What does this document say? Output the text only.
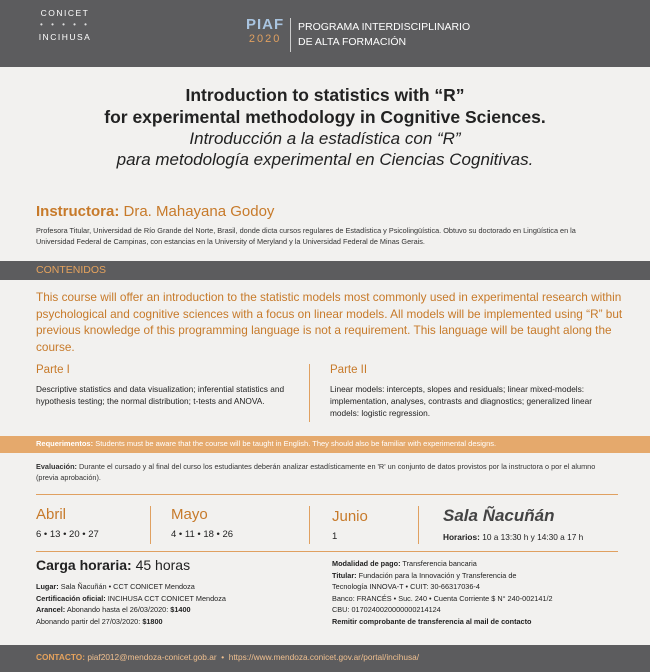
CONICET
• • • • •
INCIHUSA
PIAF
2020
PROGRAMA INTERDISCIPLINARIO
DE ALTA FORMACIÓN
Introduction to statistics with “R”
for experimental methodology in Cognitive Sciences.
Introducción a la estadística con “R”
para metodología experimental en Ciencias Cognitivas.
Instructora: Dra. Mahayana Godoy
Profesora Titular, Universidad de Río Grande del Norte, Brasil, donde dicta cursos regulares de Estadística y Psicolingüística. Obtuvo su doctorado en Lingüística en la Universidad Federal de Campinas, con estancias en la University of Meryland y la Universidad Federal de Minas Gerais.
CONTENIDOS
This course will offer an introduction to the statistic models most commonly used in experimental research within psychological and cognitive sciences with a focus on linear models. All models will be implemented using “R” but previous knowledge of this programming language is not a requirement. This language will be taught along the course.
Parte I
Descriptive statistics and data visualization; inferential statistics and hypothesis testing; the normal distribution; t-tests and ANOVA.
Parte II
Linear models: intercepts, slopes and residuals; linear mixed-models: implementation, analyses, contrasts and diagnostics; generalized linear models: logistic regression.
Requerimentos: Students must be aware that the course will be taught in English. They should also be familiar with experimental designs.
Evaluación: Durante el cursado y al final del curso los estudiantes deberán analizar estadísticamente en 'R' un conjunto de datos provistos por la instructora o por el alumno (previa aprobación).
Abril
6 • 13 • 20 • 27
Mayo
4 • 11 • 18 • 26
Junio
1
Sala Ñacuñán
Horarios: 10 a 13:30 h y 14:30 a 17 h
Carga horaria: 45 horas
Lugar: Sala Ñacuñán • CCT CONICET Mendoza
Certificación oficial: INCIHUSA CCT CONICET Mendoza
Arancel: Abonando hasta el 26/03/2020: $1400
Abonando partir del 27/03/2020: $1800
Modalidad de pago: Transferencia bancaria
Titular: Fundación para la Innovación y Transferencia de
Tecnología INNOVA-T • CUIT: 30-66317036-4
Banco: FRANCÉS • Suc. 240 • Cuenta Corriente $ N° 240-002141/2
CBU: 0170240020000000214124
Remitir comprobante de transferencia al mail de contacto
CONTACTO: piaf2012@mendoza-conicet.gob.ar  •  https://www.mendoza.conicet.gov.ar/portal/incihusa/
